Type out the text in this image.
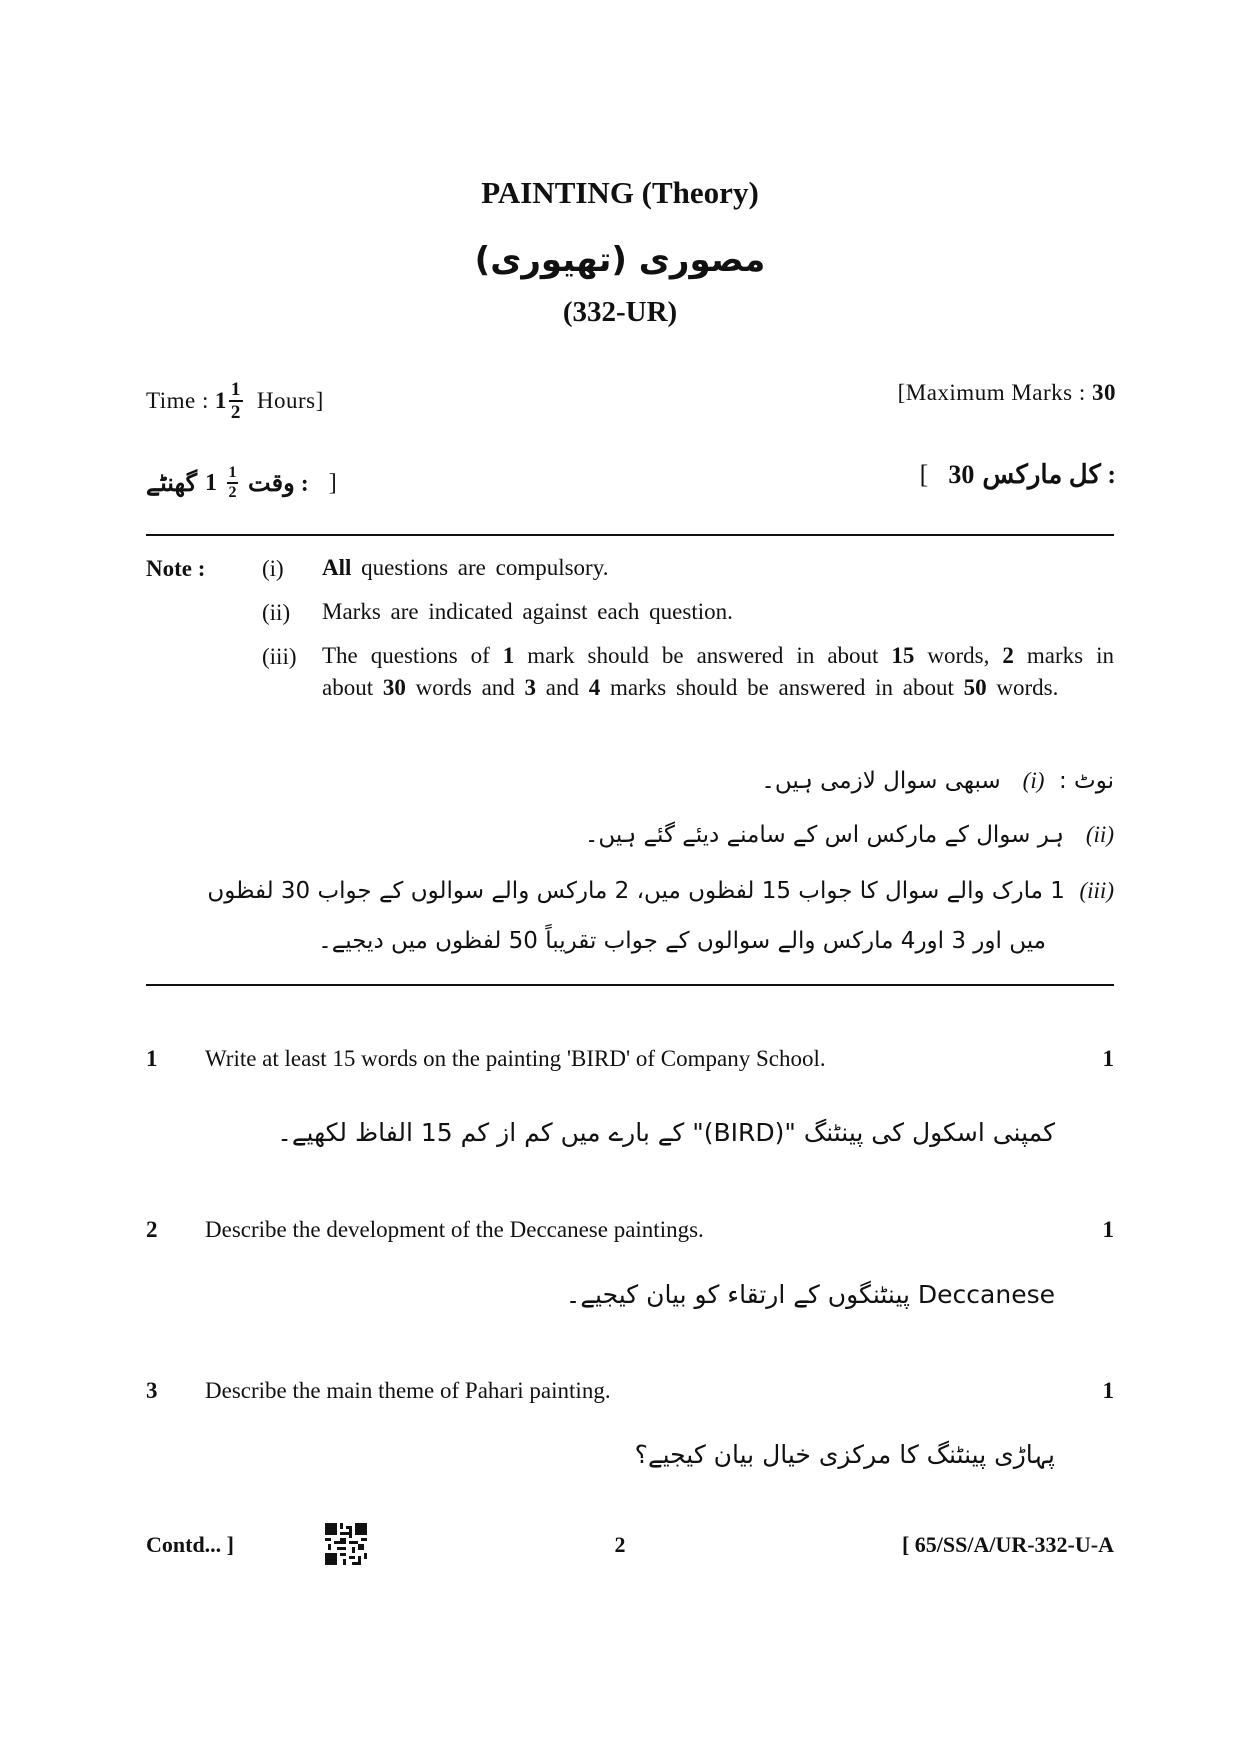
PAINTING (Theory)
مصوری (تھیوری)
(332-UR)
Time : $1 \frac{1}{2}$ Hours]	[Maximum Marks : 30
گھنٹے $1 \frac{1}{2}$ وقت : ]	[ 30 کل مارکس :
Note : (i) All questions are compulsory.
(ii) Marks are indicated against each question.
(iii) The questions of 1 mark should be answered in about 15 words, 2 marks in about 30 words and 3 and 4 marks should be answered in about 50 words.
نوٹ :  (i)   سبھی سوال لازمی ہیں۔
(ii)   ہر سوال کے مارکس اس کے سامنے دیئے گئے ہیں۔
(iii)  1 مارک والے سوال کا جواب 15 لفظوں میں، 2 مارکس والے سوالوں کے جواب 30 لفظوں
میں اور 3 اور4 مارکس والے سوالوں کے جواب تقریباً 50 لفظوں میں دیجیے۔
1 Write at least 15 words on the painting 'BIRD' of Company School.	1
کمپنی اسکول کی پینٹنگ "(BIRD)" کے بارے میں کم از کم 15 الفاظ لکھیے۔
2 Describe the development of the Deccanese paintings.	1
Deccanese پینٹنگوں کے ارتقاء کو بیان کیجیے۔
3 Describe the main theme of Pahari painting.	1
پہاڑی پینٹنگ کا مرکزی خیال بیان کیجیے؟
Contd... ]	2	[ 65/SS/A/UR-332-U-A
